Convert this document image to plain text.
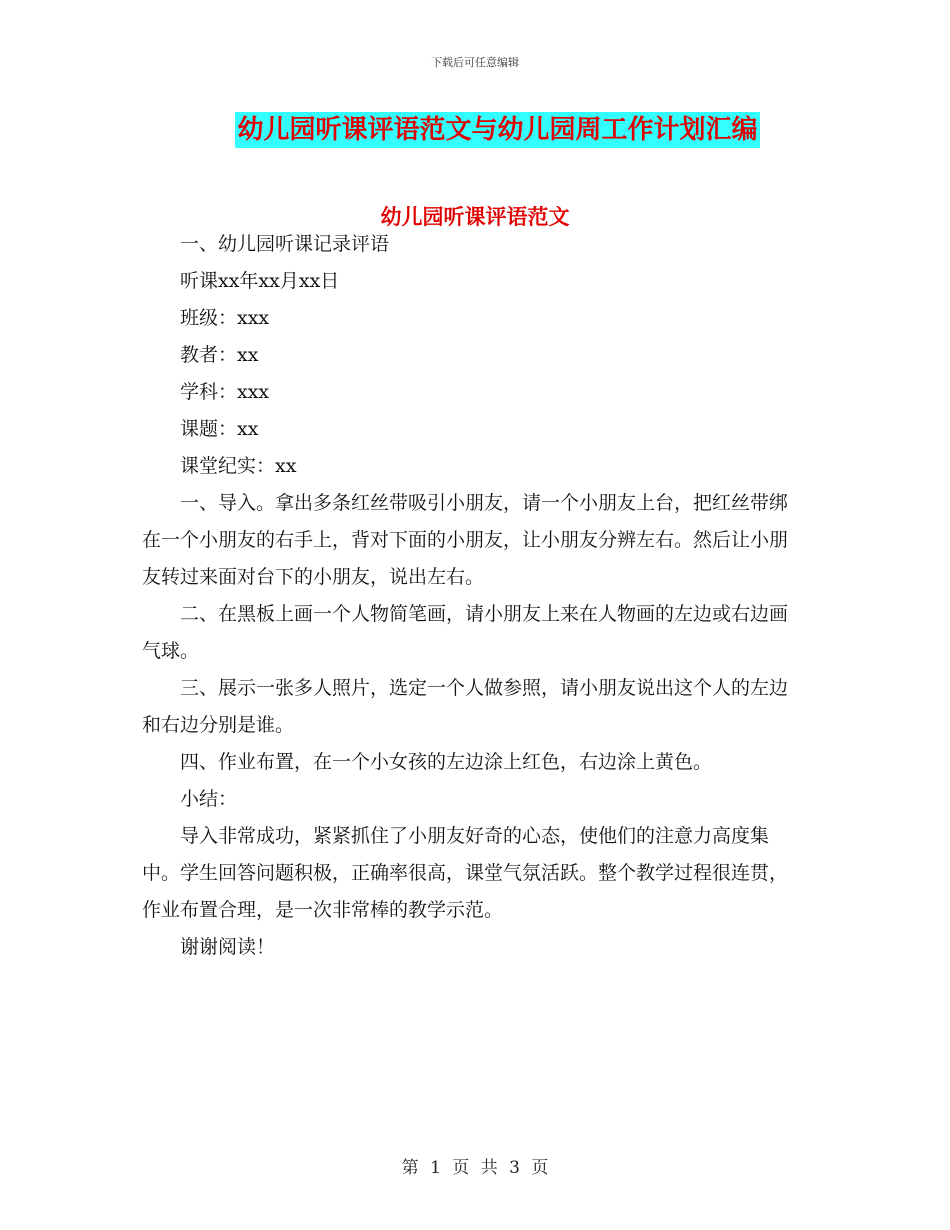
下载后可任意编辑
幼儿园听课评语范文与幼儿园周工作计划汇编
幼儿园听课评语范文

一、幼儿园听课记录评语

听课xx年xx月xx日

班级：xxx

教者：xx

学科：xxx

课题：xx

课堂纪实：xx

一、导入。拿出多条红丝带吸引小朋友，请一个小朋友上台，把红丝带绑在一个小朋友的右手上，背对下面的小朋友，让小朋友分辨左右。然后让小朋友转过来面对台下的小朋友，说出左右。

二、在黑板上画一个人物简笔画，请小朋友上来在人物画的左边或右边画气球。

三、展示一张多人照片，选定一个人做参照，请小朋友说出这个人的左边和右边分别是谁。

四、作业布置，在一个小女孩的左边涂上红色，右边涂上黄色。

小结：

导入非常成功，紧紧抓住了小朋友好奇的心态，使他们的注意力高度集中。学生回答问题积极，正确率很高，课堂气氛活跃。整个教学过程很连贯，作业布置合理，是一次非常棒的教学示范。

谢谢阅读！

第 1 页 共 3 页
